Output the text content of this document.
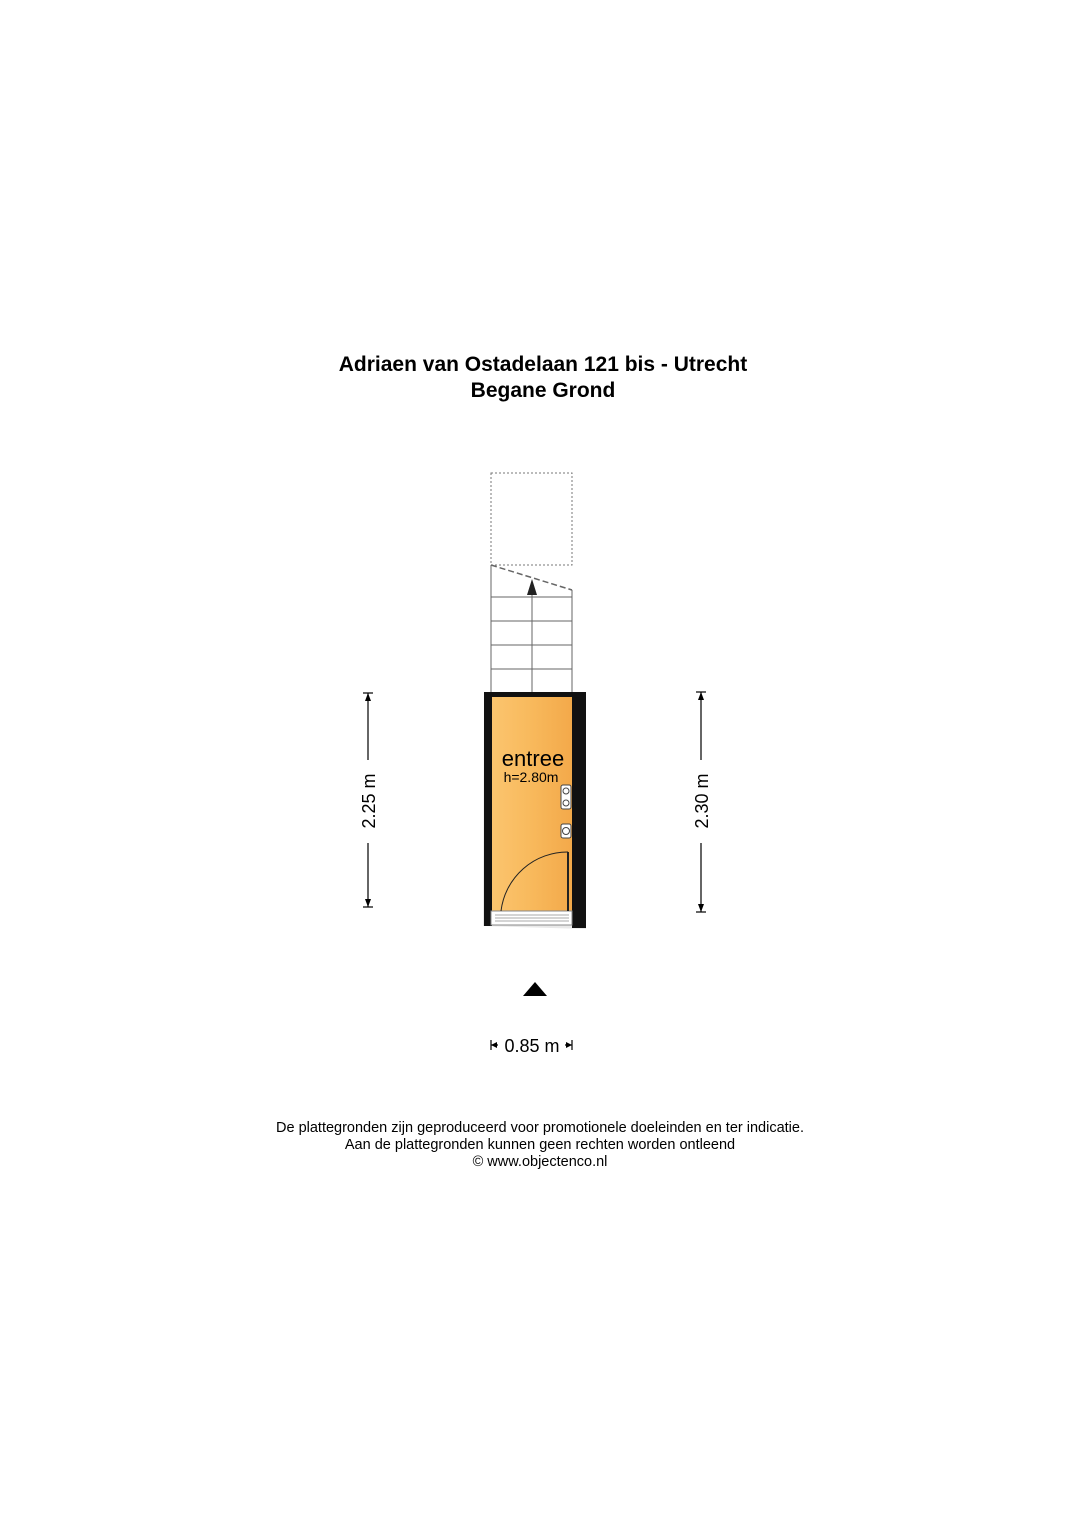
Adriaen van Ostadelaan 121 bis - Utrecht
Begane Grond
entree
h=2.80m
2.25 m	2.30 m
0.85 m
De plattegronden zijn geproduceerd voor promotionele doeleinden en ter indicatie.
Aan de plattegronden kunnen geen rechten worden ontleend
© www.objectenco.nl
